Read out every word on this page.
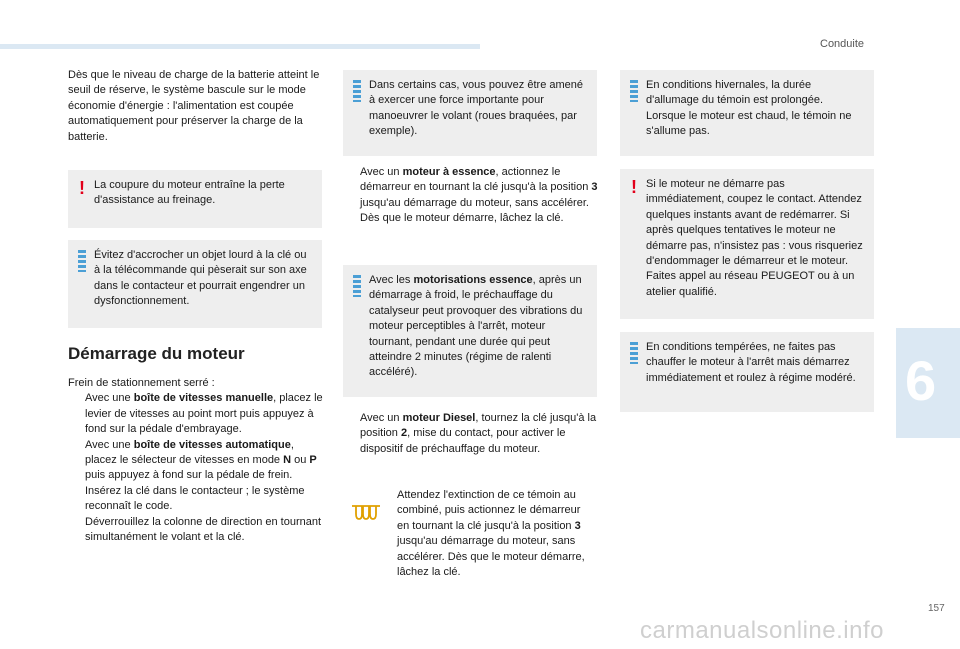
Conduite
6

Dès que le niveau de charge de la batterie atteint le seuil de réserve, le système bascule sur le mode économie d'énergie : l'alimentation est coupée automatiquement pour préserver la charge de la batterie.

! La coupure du moteur entraîne la perte d'assistance au freinage.
Évitez d'accrocher un objet lourd à la clé ou à la télécommande qui pèserait sur son axe dans le contacteur et pourrait engendrer un dysfonctionnement.
Démarrage du moteur

Frein de stationnement serré :

Avec une boîte de vitesses manuelle, placez le levier de vitesses au point mort puis appuyez à fond sur la pédale d'embrayage.
Avec une boîte de vitesses automatique, placez le sélecteur de vitesses en mode N ou P puis appuyez à fond sur la pédale de frein.
Insérez la clé dans le contacteur ; le système reconnaît le code.
Déverrouillez la colonne de direction en tournant simultanément le volant et la clé.
Dans certains cas, vous pouvez être amené à exercer une force importante pour manoeuvrer le volant (roues braquées, par exemple).
Avec un moteur à essence, actionnez le démarreur en tournant la clé jusqu'à la position 3 jusqu'au démarrage du moteur, sans accélérer. Dès que le moteur démarre, lâchez la clé.
Avec les motorisations essence, après un démarrage à froid, le préchauffage du catalyseur peut provoquer des vibrations du moteur perceptibles à l'arrêt, moteur tournant, pendant une durée qui peut atteindre 2 minutes (régime de ralenti accéléré).
Avec un moteur Diesel, tournez la clé jusqu'à la position 2, mise du contact, pour activer le dispositif de préchauffage du moteur.
Attendez l'extinction de ce témoin au combiné, puis actionnez le démarreur en tournant la clé jusqu'à la position 3 jusqu'au démarrage du moteur, sans accélérer. Dès que le moteur démarre, lâchez la clé.
En conditions hivernales, la durée d'allumage du témoin est prolongée. Lorsque le moteur est chaud, le témoin ne s'allume pas.
! Si le moteur ne démarre pas immédiatement, coupez le contact. Attendez quelques instants avant de redémarrer. Si après quelques tentatives le moteur ne démarre pas, n'insistez pas : vous risqueriez d'endommager le démarreur et le moteur. Faites appel au réseau PEUGEOT ou à un atelier qualifié.
En conditions tempérées, ne faites pas chauffer le moteur à l'arrêt mais démarrez immédiatement et roulez à régime modéré.
157
carmanualsonline.info
